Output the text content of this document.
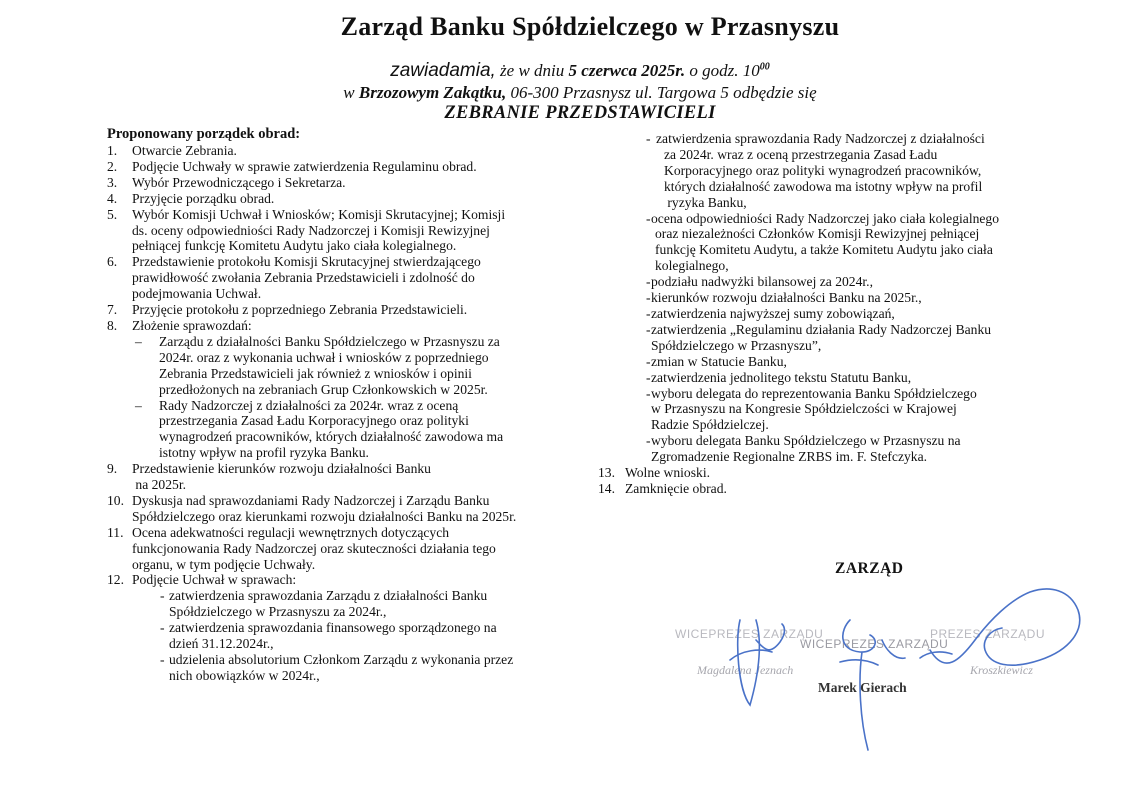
Zarząd Banku Spółdzielczego w Przasnyszu
zawiadamia, że w dniu 5 czerwca 2025r. o godz. $10^{00}$
w Brzozowym Zakątku, 06-300 Przasnysz ul. Targowa 5 odbędzie się
ZEBRANIE PRZEDSTAWICIELI
Proponowany porządek obrad:
1. Otwarcie Zebrania.
2. Podjęcie Uchwały w sprawie zatwierdzenia Regulaminu obrad.
3. Wybór Przewodniczącego i Sekretarza.
4. Przyjęcie porządku obrad.
5. Wybór Komisji Uchwał i Wniosków; Komisji Skrutacyjnej; Komisji
ds. oceny odpowiedniości Rady Nadzorczej i Komisji Rewizyjnej
pełniącej funkcję Komitetu Audytu jako ciała kolegialnego.
6. Przedstawienie protokołu Komisji Skrutacyjnej stwierdzającego
prawidłowość zwołania Zebrania Przedstawicieli i zdolność do
podejmowania Uchwał.
7. Przyjęcie protokołu z poprzedniego Zebrania Przedstawicieli.
8. Złożenie sprawozdań:
– Zarządu z działalności Banku Spółdzielczego w Przasnyszu za
2024r. oraz z wykonania uchwał i wniosków z poprzedniego
Zebrania Przedstawicieli jak również z wniosków i opinii
przedłożonych na zebraniach Grup Członkowskich w 2025r.
– Rady Nadzorczej z działalności za 2024r. wraz z oceną
przestrzegania Zasad Ładu Korporacyjnego oraz polityki
wynagrodzeń pracowników, których działalność zawodowa ma
istotny wpływ na profil ryzyka Banku.
9. Przedstawienie kierunków rozwoju działalności Banku
na 2025r.
10. Dyskusja nad sprawozdaniami Rady Nadzorczej i Zarządu Banku
Spółdzielczego oraz kierunkami rozwoju działalności Banku na 2025r.
11. Ocena adekwatności regulacji wewnętrznych dotyczących
funkcjonowania Rady Nadzorczej oraz skuteczności działania tego
organu, w tym podjęcie Uchwały.
12. Podjęcie Uchwał w sprawach:
- zatwierdzenia sprawozdania Zarządu z działalności Banku
Spółdzielczego w Przasnyszu za 2024r.,
- zatwierdzenia sprawozdania finansowego sporządzonego na
dzień 31.12.2024r.,
- udzielenia absolutorium Członkom Zarządu z wykonania przez
nich obowiązków w 2024r.,
- zatwierdzenia sprawozdania Rady Nadzorczej z działalności
za 2024r. wraz z oceną przestrzegania Zasad Ładu
Korporacyjnego oraz polityki wynagrodzeń pracowników,
których działalność zawodowa ma istotny wpływ na profil
ryzyka Banku,
- ocena odpowiedniości Rady Nadzorczej jako ciała kolegialnego
oraz niezależności Członków Komisji Rewizyjnej pełniącej
funkcję Komitetu Audytu, a także Komitetu Audytu jako ciała
kolegialnego,
- podziału nadwyżki bilansowej za 2024r.,
- kierunków rozwoju działalności Banku na 2025r.,
- zatwierdzenia najwyższej sumy zobowiązań,
- zatwierdzenia „Regulaminu działania Rady Nadzorczej Banku
Spółdzielczego w Przasnyszu”,
- zmian w Statucie Banku,
- zatwierdzenia jednolitego tekstu Statutu Banku,
- wyboru delegata do reprezentowania Banku Spółdzielczego
w Przasnyszu na Kongresie Spółdzielczości w Krajowej
Radzie Spółdzielczej.
- wyboru delegata Banku Spółdzielczego w Przasnyszu na
Zgromadzenie Regionalne ZRBS im. F. Stefczyka.
13. Wolne wnioski.
14. Zamknięcie obrad.
ZARZĄD
WICEPREZES ZARZĄDU
Magdalena Jeznach
WICEPREZES ZARZĄDU
Marek Gierach
PREZES ZARZĄDU
Kroszkiewicz
